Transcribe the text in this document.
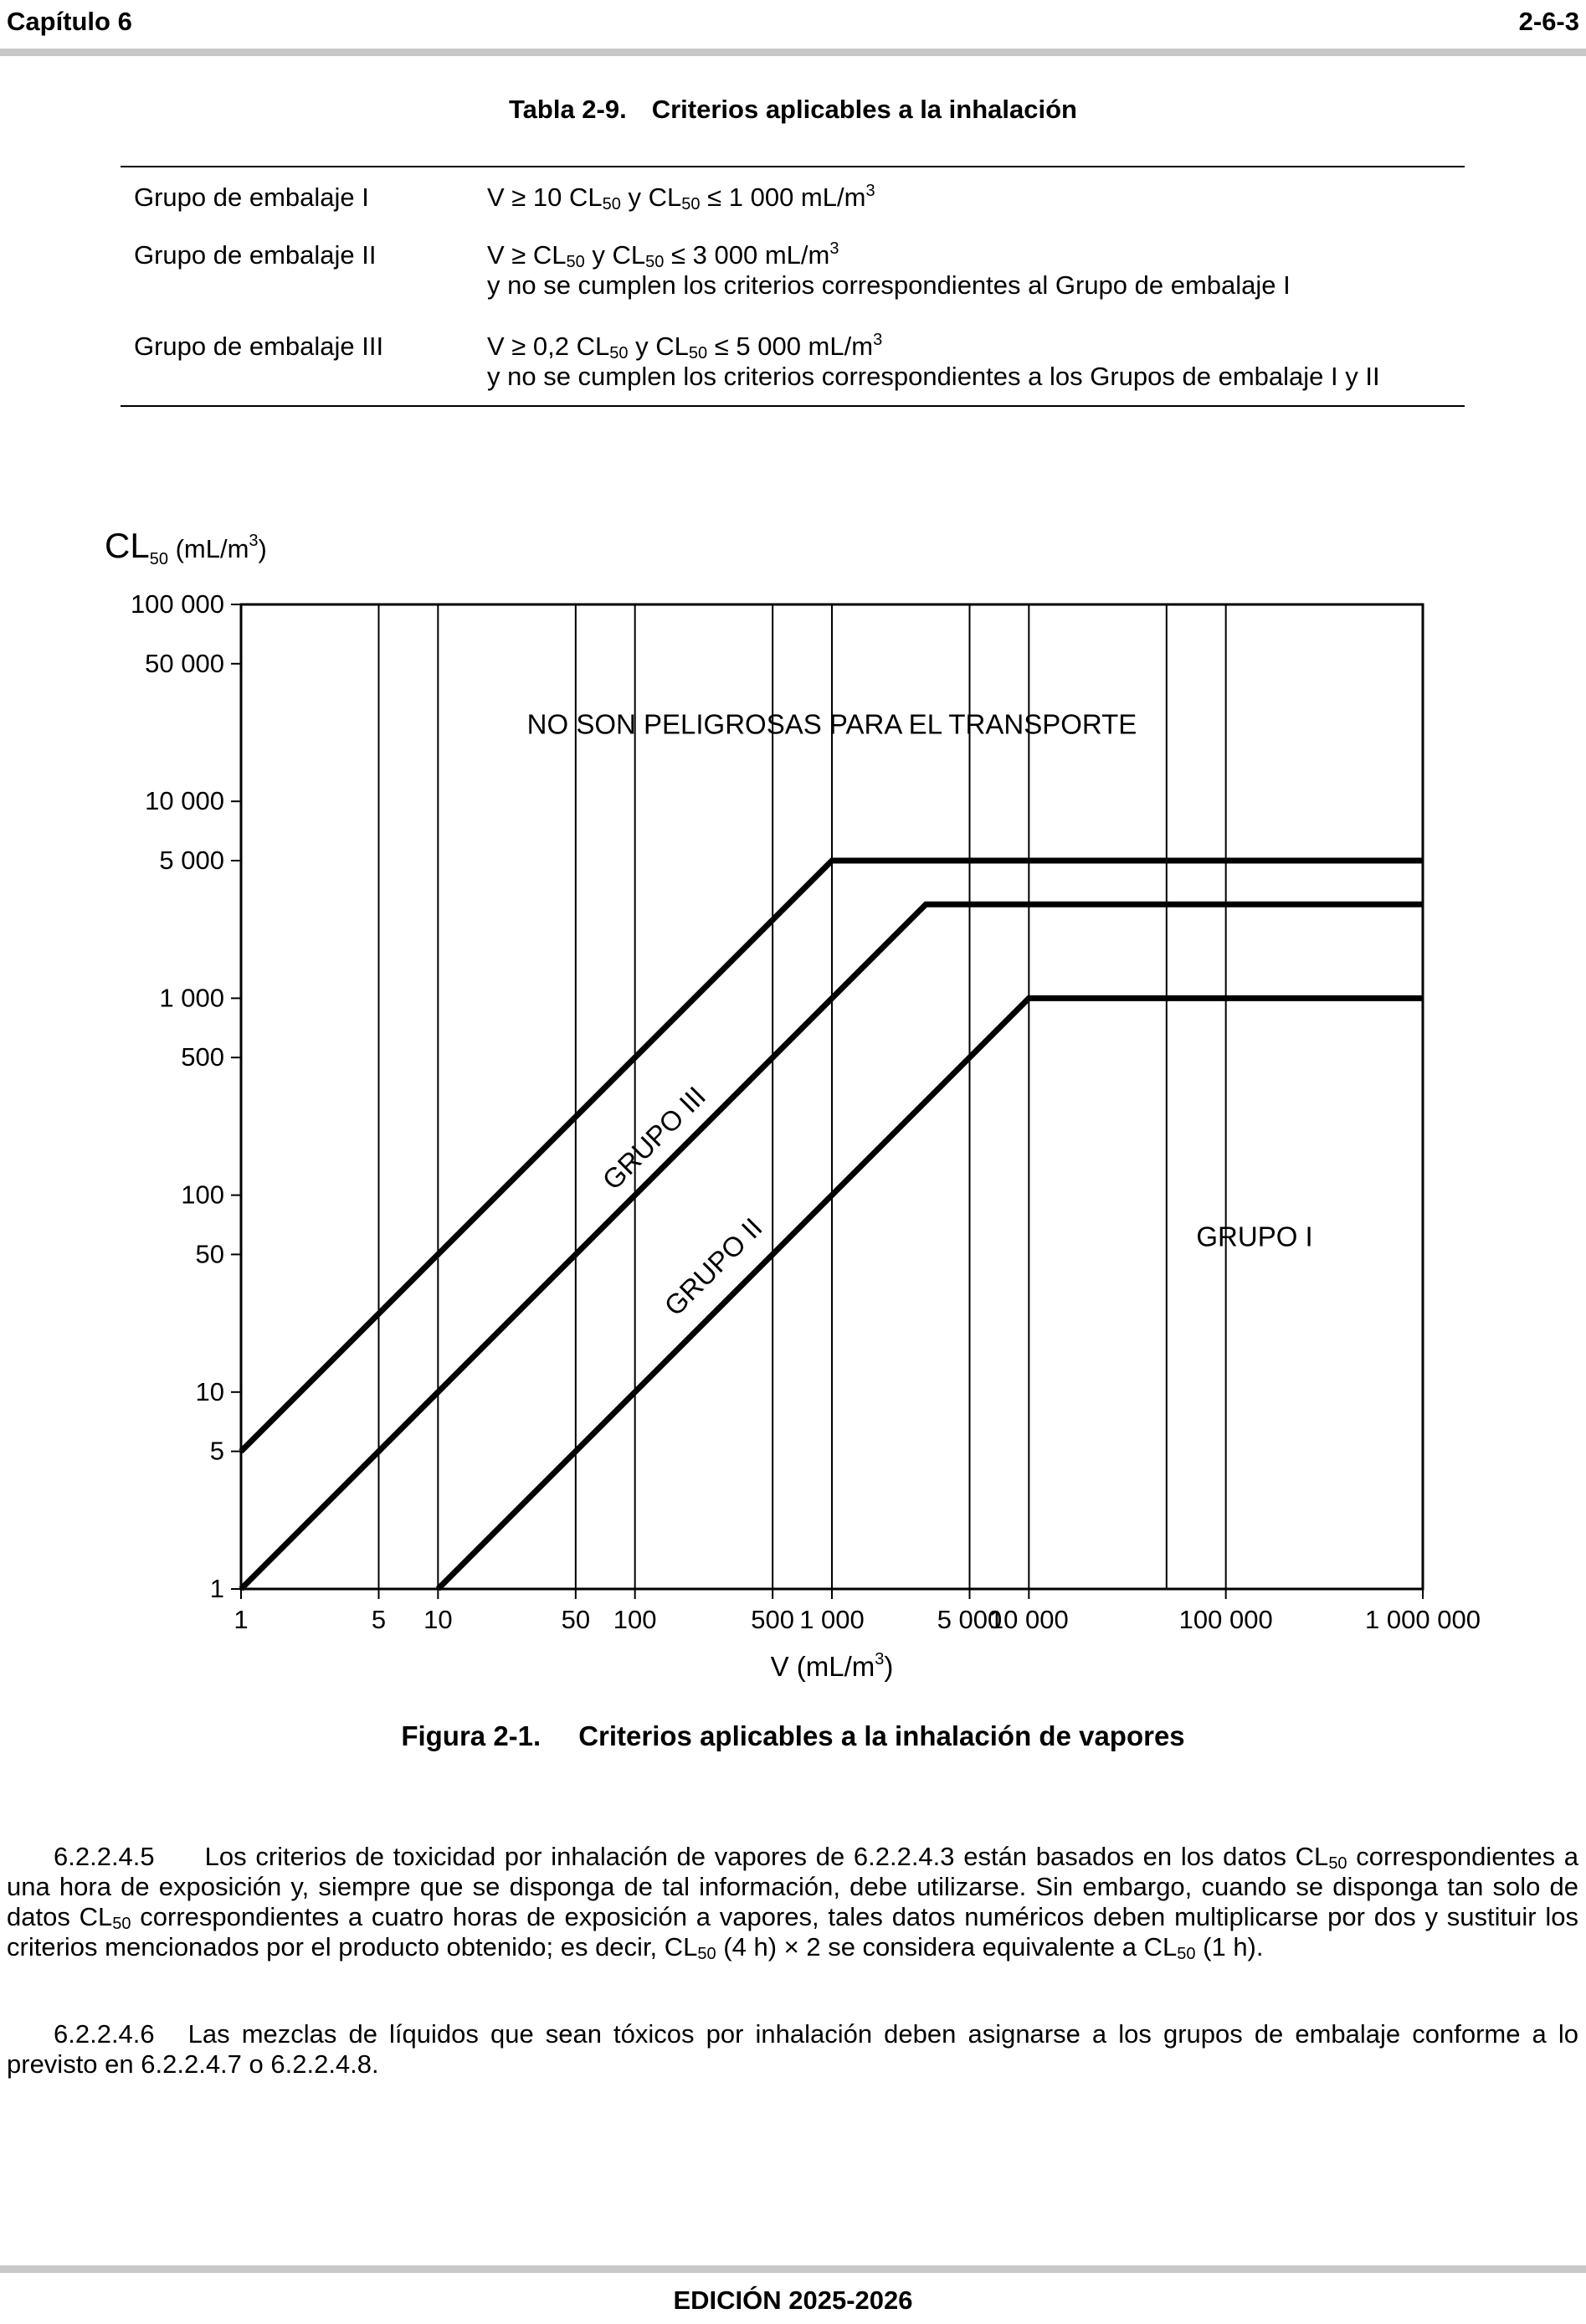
Capítulo 6	2-6-3
Tabla 2-9. Criterios aplicables a la inhalación
Grupo de embalaje I	V ≥ 10 $CL_{50}$ y $CL_{50} \le 1$ 000 $mL/m^3$
Grupo de embalaje II	$V \ge CL_{50}$ y $CL_{50} \le 3$ 000 $mL/m^3$
y no se cumplen los criterios correspondientes al Grupo de embalaje I
Grupo de embalaje III	V ≥ 0,2 $CL_{50}$ y $CL_{50} \le 5$ 000 $mL/m^3$
y no se cumplen los criterios correspondientes a los Grupos de embalaje I y II
1
5
10
50
100
500
1 000
5 000
10 000
50 000
100 000
1	5 10	50 100	500 1 000	5 000
10 000	100 000	1 000 000
NO SON PELIGROSAS PARA EL TRANSPORTE
GRUPO III
GRUPO II	GRUPO I
$CL_{50}$ $^{(mL/m3}_)$
V $(mL/m^3)$
Figura 2-1. Criterios aplicables a la inhalación de vapores
6.2.2.4.5 Los criterios de toxicidad por inhalación de vapores de 6.2.2.4.3 están basados en los datos $CL_{50}$ correspondientes a una hora de exposición y, siempre que se disponga de tal información, debe utilizarse. Sin embargo, cuando se disponga tan solo de datos $CL_{50}$ correspondientes a cuatro horas de exposición a vapores, tales datos numéricos deben multiplicarse por dos y sustituir los criterios mencionados por el producto obtenido; es decir, $CL_{50}$ (4 h) × 2 se considera equivalente a $CL_{50}$ (1 h).
6.2.2.4.6 Las mezclas de líquidos que sean tóxicos por inhalación deben asignarse a los grupos de embalaje conforme a lo previsto en 6.2.2.4.7 o 6.2.2.4.8.
EDICIÓN 2025-2026
